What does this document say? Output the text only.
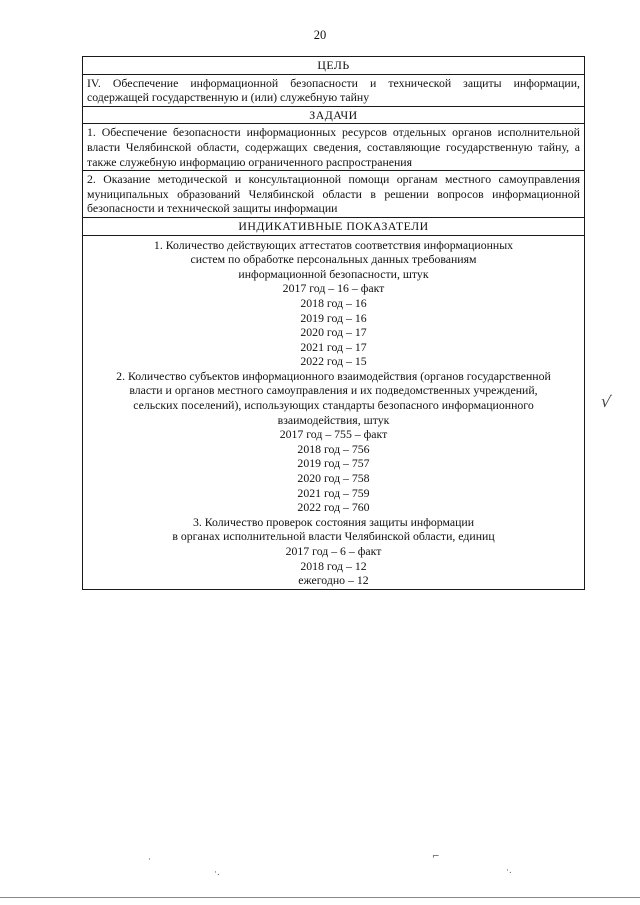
20
ЦЕЛЬ
IV. Обеспечение информационной безопасности и технической защиты информации, содержащей государственную и (или) служебную тайну
ЗАДАЧИ
1. Обеспечение безопасности информационных ресурсов отдельных органов исполнительной власти Челябинской области, содержащих сведения, составляющие государственную тайну, а также служебную информацию ограниченного распространения
2. Оказание методической и консультационной помощи органам местного самоуправления муниципальных образований Челябинской области в решении вопросов информационной безопасности и технической защиты информации
ИНДИКАТИВНЫЕ ПОКАЗАТЕЛИ
1. Количество действующих аттестатов соответствия информационных
систем по обработке персональных данных требованиям
информационной безопасности, штук
2017 год – 16 – факт
2018 год – 16
2019 год – 16
2020 год – 17
2021 год – 17
2022 год – 15
2. Количество субъектов информационного взаимодействия (органов государственной
власти и органов местного самоуправления и их подведомственных учреждений,
сельских поселений), использующих стандарты безопасного информационного
взаимодействия, штук
2017 год – 755 – факт
2018 год – 756
2019 год – 757
2020 год – 758
2021 год – 759
2022 год – 760
3. Количество проверок состояния защиты информации
в органах исполнительной власти Челябинской области, единиц
2017 год – 6 – факт
2018 год – 12
ежегодно – 12
√
·
·.
⌐
·.
